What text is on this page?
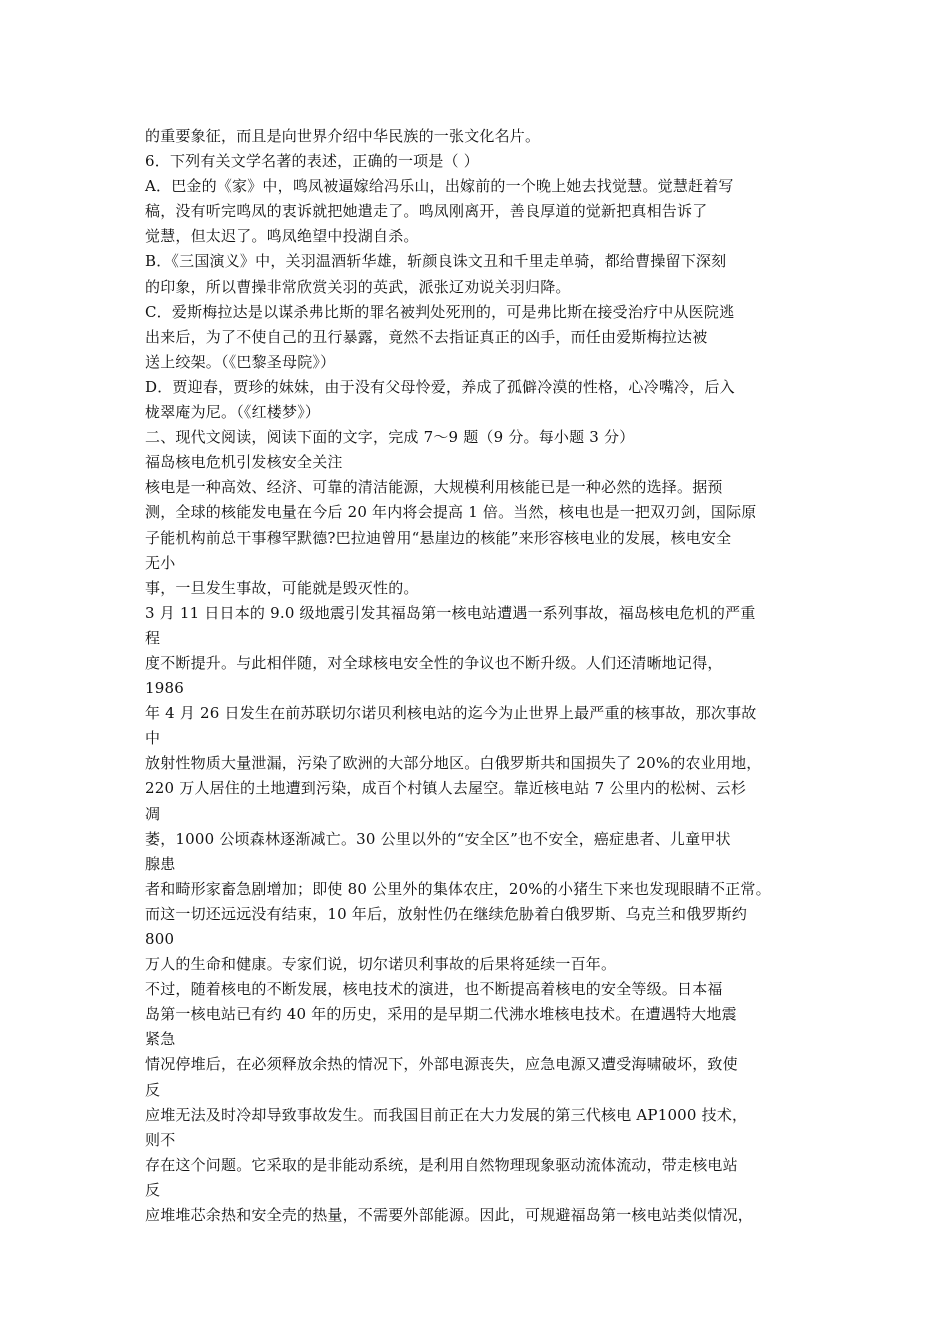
的重要象征，而且是向世界介绍中华民族的一张文化名片。
6．下列有关文学名著的表述，正确的一项是（ ）
A．巴金的《家》中，鸣凤被逼嫁给冯乐山，出嫁前的一个晚上她去找觉慧。觉慧赶着写
稿，没有听完鸣凤的衷诉就把她遣走了。鸣凤刚离开，善良厚道的觉新把真相告诉了
觉慧，但太迟了。鸣凤绝望中投湖自杀。
B．《三国演义》中，关羽温酒斩华雄，斩颜良诛文丑和千里走单骑，都给曹操留下深刻
的印象，所以曹操非常欣赏关羽的英武，派张辽劝说关羽归降。
C．爱斯梅拉达是以谋杀弗比斯的罪名被判处死刑的，可是弗比斯在接受治疗中从医院逃
出来后，为了不使自己的丑行暴露，竟然不去指证真正的凶手，而任由爱斯梅拉达被
送上绞架。（《巴黎圣母院》）
D．贾迎春，贾珍的妹妹，由于没有父母怜爱，养成了孤僻冷漠的性格，心冷嘴冷，后入
栊翠庵为尼。（《红楼梦》）
二、现代文阅读，阅读下面的文字，完成 7～9 题（9 分。每小题 3 分）
福岛核电危机引发核安全关注
核电是一种高效、经济、可靠的清洁能源，大规模利用核能已是一种必然的选择。据预
测，全球的核能发电量在今后 20 年内将会提高 1 倍。当然，核电也是一把双刃剑，国际原
子能机构前总干事穆罕默德?巴拉迪曾用“悬崖边的核能”来形容核电业的发展，核电安全
无小
事，一旦发生事故，可能就是毁灭性的。
3 月 11 日日本的 9.0 级地震引发其福岛第一核电站遭遇一系列事故，福岛核电危机的严重
程
度不断提升。与此相伴随，对全球核电安全性的争议也不断升级。人们还清晰地记得，
1986
年 4 月 26 日发生在前苏联切尔诺贝利核电站的迄今为止世界上最严重的核事故，那次事故
中
放射性物质大量泄漏，污染了欧洲的大部分地区。白俄罗斯共和国损失了 20%的农业用地，
220 万人居住的土地遭到污染，成百个村镇人去屋空。靠近核电站 7 公里内的松树、云杉
凋
萎，1000 公顷森林逐渐减亡。30 公里以外的“安全区”也不安全，癌症患者、儿童甲状
腺患
者和畸形家畜急剧增加；即使 80 公里外的集体农庄，20%的小猪生下来也发现眼睛不正常。
而这一切还远远没有结束，10 年后，放射性仍在继续危胁着白俄罗斯、乌克兰和俄罗斯约
800
万人的生命和健康。专家们说，切尔诺贝利事故的后果将延续一百年。
不过，随着核电的不断发展，核电技术的演进，也不断提高着核电的安全等级。日本福
岛第一核电站已有约 40 年的历史，采用的是早期二代沸水堆核电技术。在遭遇特大地震
紧急
情况停堆后，在必须释放余热的情况下，外部电源丧失，应急电源又遭受海啸破坏，致使
反
应堆无法及时冷却导致事故发生。而我国目前正在大力发展的第三代核电 AP1000 技术，
则不
存在这个问题。它采取的是非能动系统，是利用自然物理现象驱动流体流动，带走核电站
反
应堆堆芯余热和安全壳的热量，不需要外部能源。因此，可规避福岛第一核电站类似情况，
